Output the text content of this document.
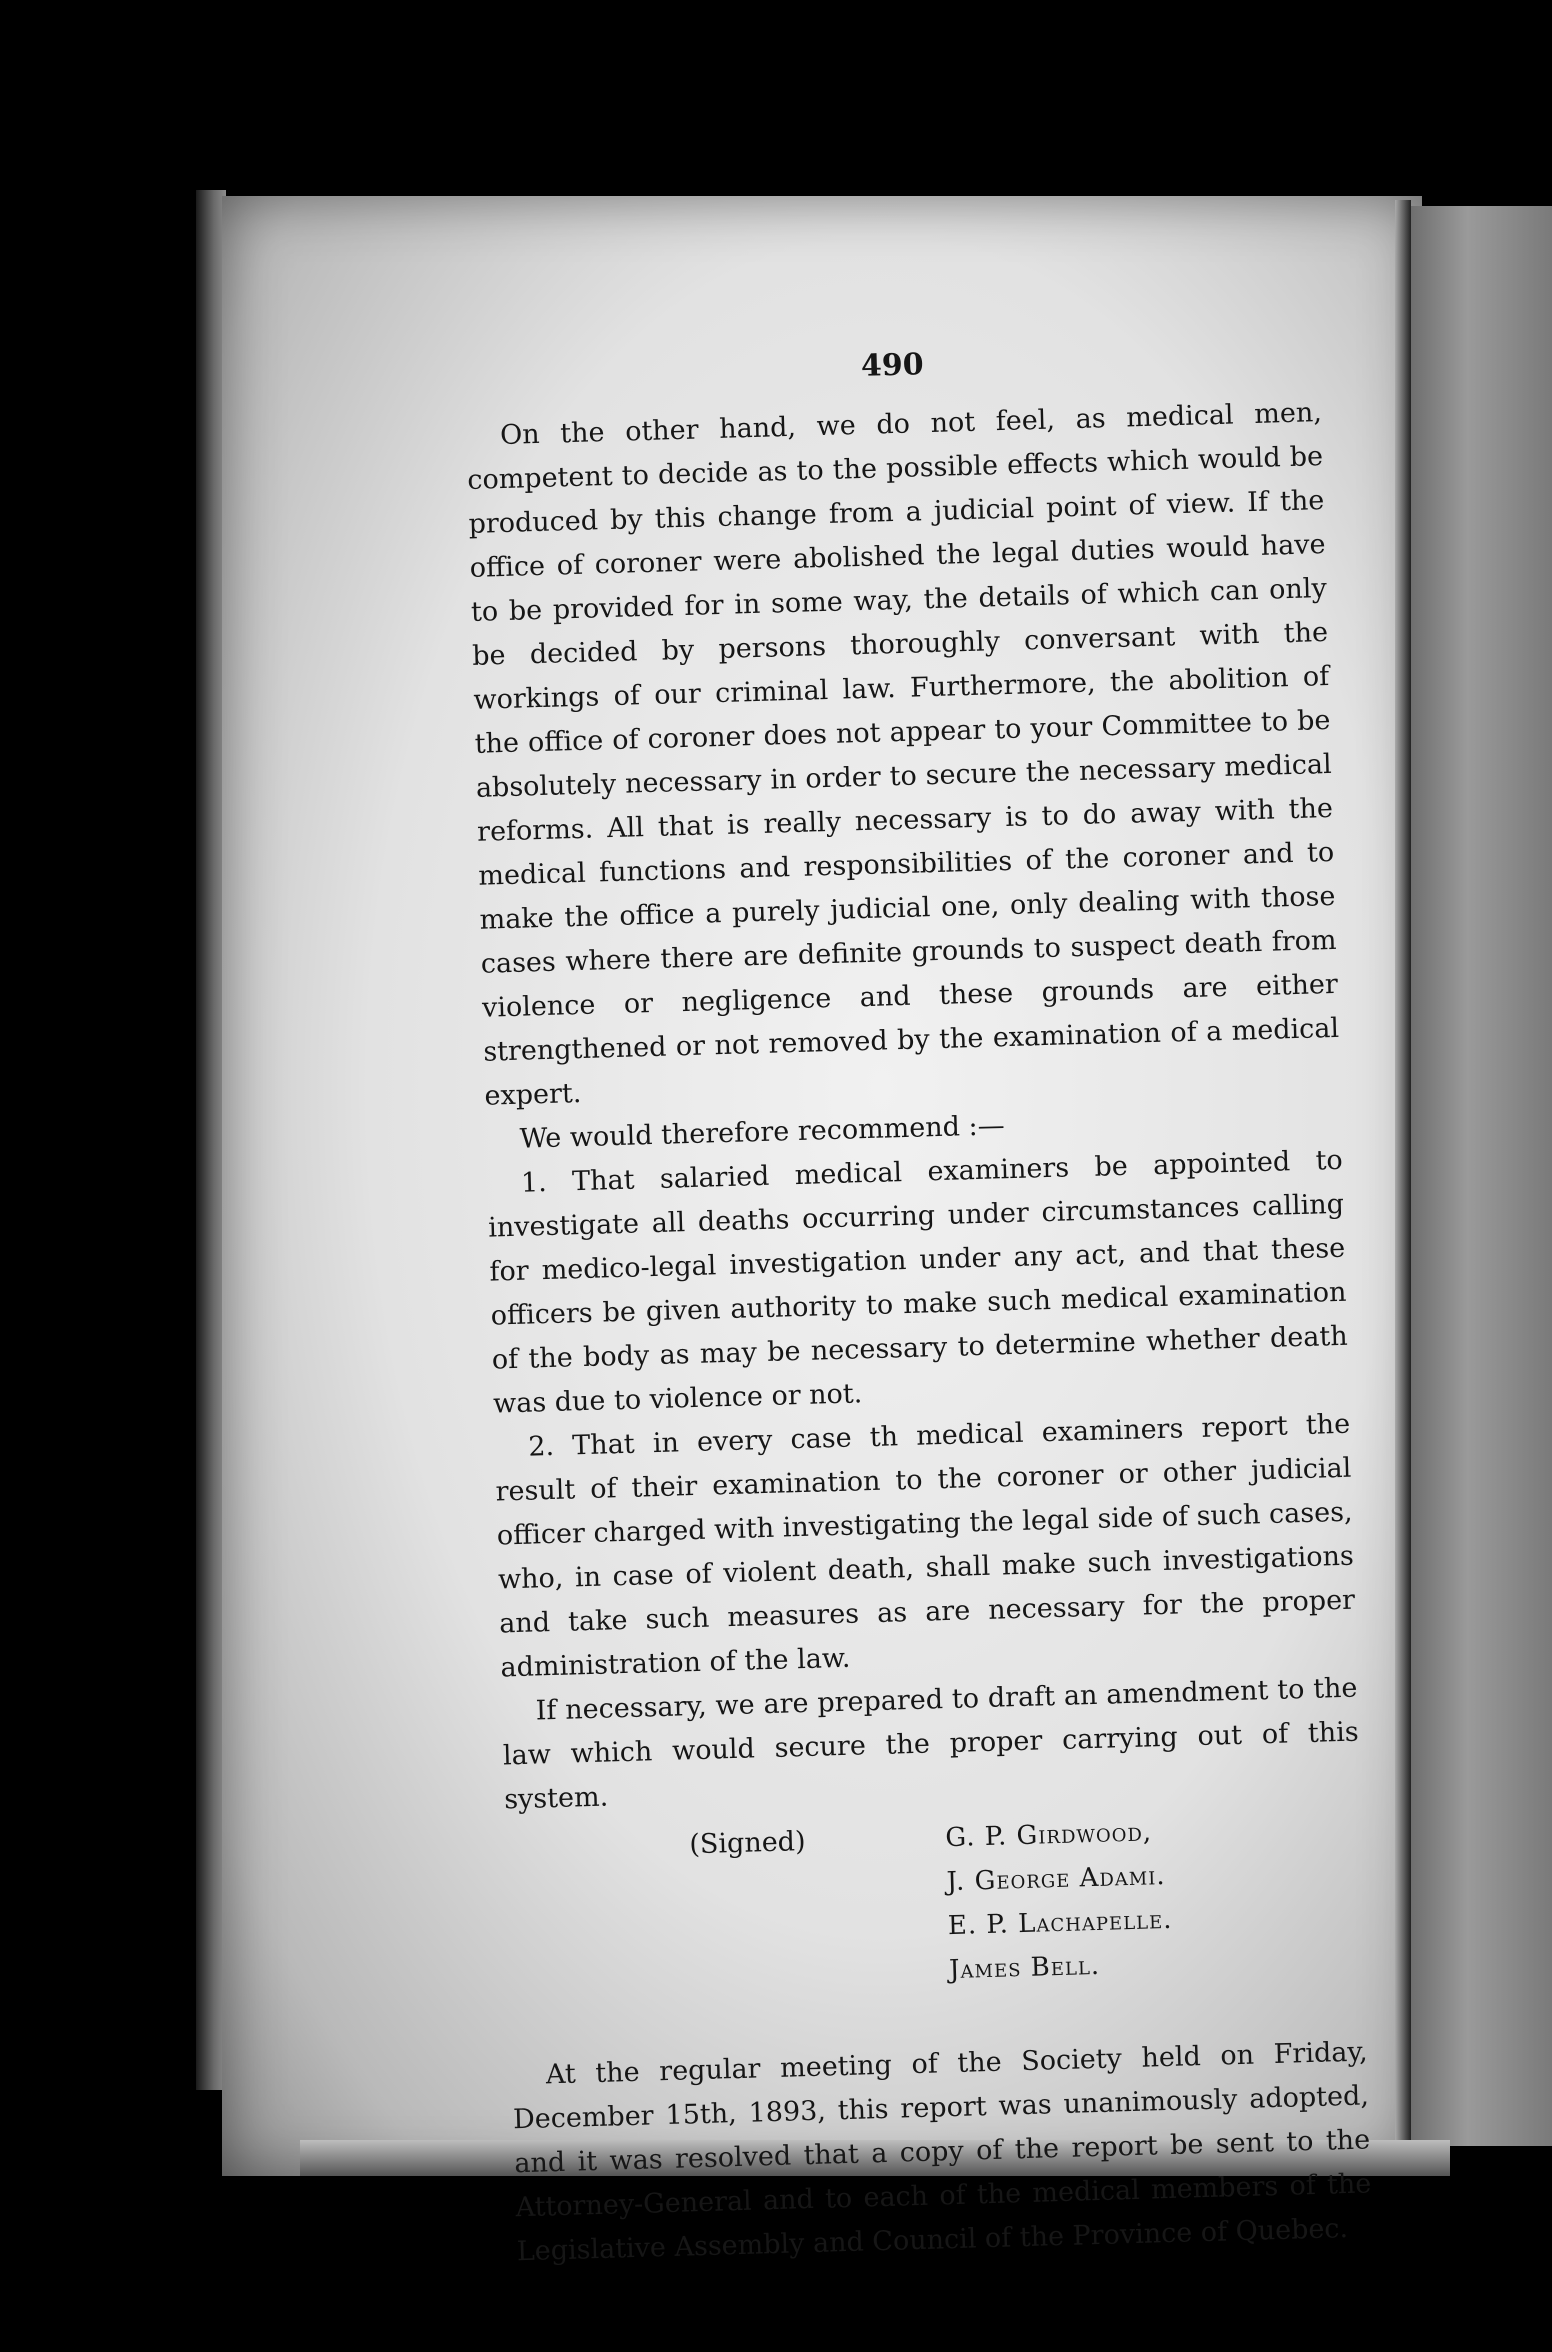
490

On the other hand, we do not feel, as medical men, competent to decide as to the possible effects which would be produced by this change from a judicial point of view. If the office of coroner were abolished the legal duties would have to be provided for in some way, the details of which can only be decided by persons thoroughly conversant with the workings of our criminal law. Furthermore, the abolition of the office of coroner does not appear to your Committee to be absolutely necessary in order to secure the necessary medical reforms. All that is really necessary is to do away with the medical functions and responsibilities of the coroner and to make the office a purely judicial one, only dealing with those cases where there are definite grounds to suspect death from violence or negligence and these grounds are either strengthened or not removed by the examination of a medical expert.

We would therefore recommend :—

1. That salaried medical examiners be appointed to investigate all deaths occurring under circumstances calling for medico-legal investigation under any act, and that these officers be given authority to make such medical examination of the body as may be necessary to determine whether death was due to violence or not.

2. That in every case th medical examiners report the result of their examination to the coroner or other judicial officer charged with investigating the legal side of such cases, who, in case of violent death, shall make such investigations and take such measures as are necessary for the proper administration of the law.

If necessary, we are prepared to draft an amendment to the law which would secure the proper carrying out of this system.

(Signed)	G. P. Girdwood,
J. George Adami.
E. P. Lachapelle.
James Bell.

At the regular meeting of the Society held on Friday, December 15th, 1893, this report was unanimously adopted, and it was resolved that a copy of the report be sent to the Attorney-General and to each of the medical members of the Legislative Assembly and Council of the Province of Quebec.
